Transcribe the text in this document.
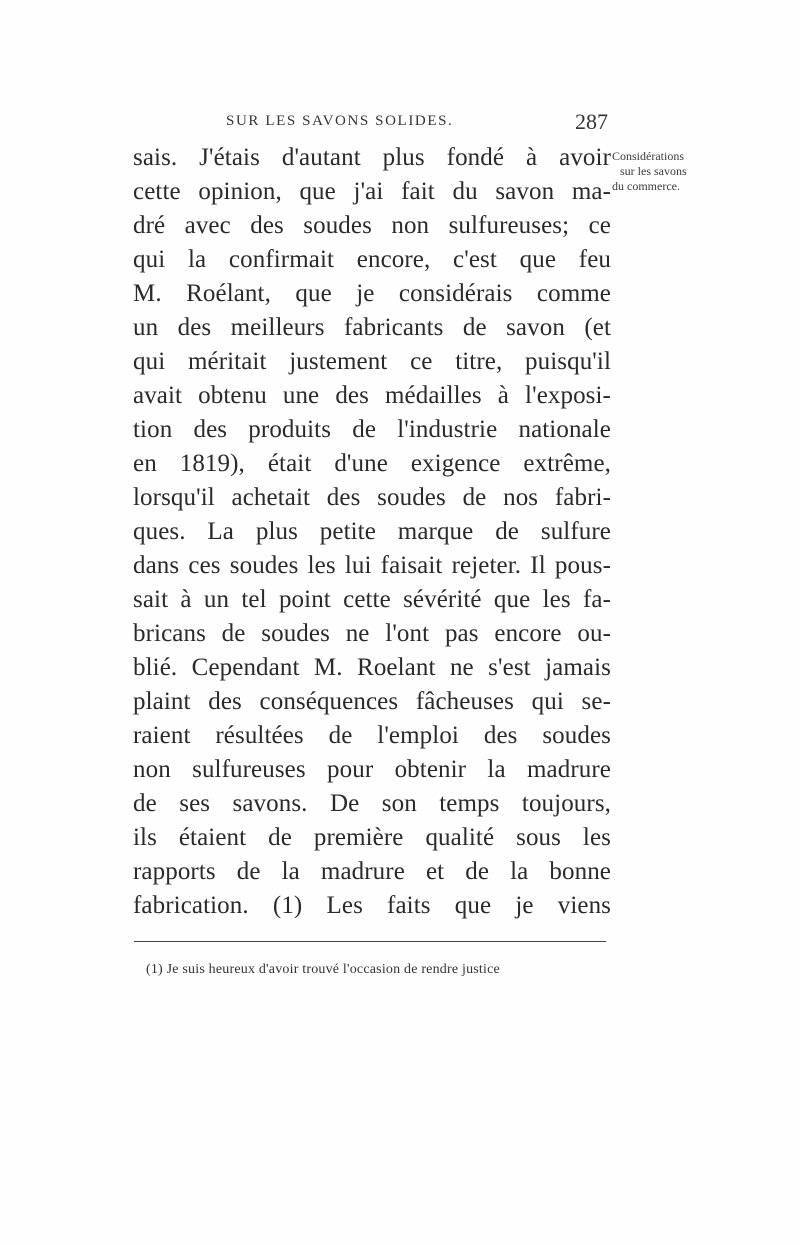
SUR LES SAVONS SOLIDES.	287
Considérations
sur les savons
du commerce.
sais. J'étais d'autant plus fondé à avoir
cette opinion, que j'ai fait du savon ma-
dré avec des soudes non sulfureuses; ce
qui la confirmait encore, c'est que feu
M. Roélant, que je considérais comme
un des meilleurs fabricants de savon (et
qui méritait justement ce titre, puisqu'il
avait obtenu une des médailles à l'exposi-
tion des produits de l'industrie nationale
en 1819), était d'une exigence extrême,
lorsqu'il achetait des soudes de nos fabri-
ques. La plus petite marque de sulfure
dans ces soudes les lui faisait rejeter. Il pous-
sait à un tel point cette sévérité que les fa-
bricans de soudes ne l'ont pas encore ou-
blié. Cependant M. Roelant ne s'est jamais
plaint des conséquences fâcheuses qui se-
raient résultées de l'emploi des soudes
non sulfureuses pour obtenir la madrure
de ses savons. De son temps toujours,
ils étaient de première qualité sous les
rapports de la madrure et de la bonne
fabrication. (1) Les faits que je viens
(1) Je suis heureux d'avoir trouvé l'occasion de rendre justice
